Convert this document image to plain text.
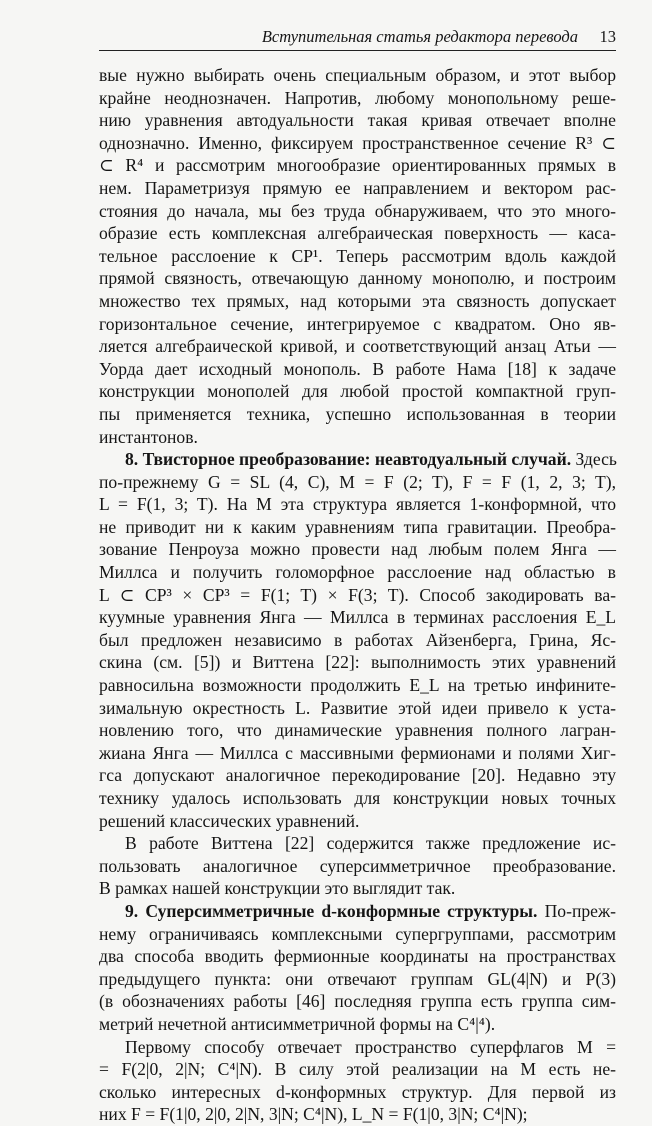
Вступительная статья редактора перевода 13
вые нужно выбирать очень специальным образом, и этот выбор
крайне неоднозначен. Напротив, любому монопольному реше-
нию уравнения автодуальности такая кривая отвечает вполне
однозначно. Именно, фиксируем пространственное сечение R³ ⊂
⊂ R⁴ и рассмотрим многообразие ориентированных прямых в
нем. Параметризуя прямую ее направлением и вектором рас-
стояния до начала, мы без труда обнаруживаем, что это много-
образие есть комплексная алгебраическая поверхность — каса-
тельное расслоение к CP¹. Теперь рассмотрим вдоль каждой
прямой связность, отвечающую данному монополю, и построим
множество тех прямых, над которыми эта связность допускает
горизонтальное сечение, интегрируемое с квадратом. Оно яв-
ляется алгебраической кривой, и соответствующий анзац Атьи —
Уорда дает исходный монополь. В работе Нама [18] к задаче
конструкции монополей для любой простой компактной груп-
пы применяется техника, успешно использованная в теории
инстантонов.
8. Твисторное преобразование: неавтодуальный случай. Здесь
по-прежнему G = SL (4, C), M = F (2; T), F = F (1, 2, 3; T),
L = F(1, 3; T). На M эта структура является 1-конформной, что
не приводит ни к каким уравнениям типа гравитации. Преобра-
зование Пенроуза можно провести над любым полем Янга —
Миллса и получить голоморфное расслоение над областью в
L ⊂ CP³ × CP³ = F(1; T) × F(3; T). Способ закодировать ва-
куумные уравнения Янга — Миллса в терминах расслоения E_L
был предложен независимо в работах Айзенберга, Грина, Яс-
скина (см. [5]) и Виттена [22]: выполнимость этих уравнений
равносильна возможности продолжить E_L на третью инфините-
зимальную окрестность L. Развитие этой идеи привело к уста-
новлению того, что динамические уравнения полного лагран-
жиана Янга — Миллса с массивными фермионами и полями Хиг-
гса допускают аналогичное перекодирование [20]. Недавно эту
технику удалось использовать для конструкции новых точных
решений классических уравнений.
В работе Виттена [22] содержится также предложение ис-
пользовать аналогичное суперсимметричное преобразование.
В рамках нашей конструкции это выглядит так.
9. Суперсимметричные d-конформные структуры. По-преж-
нему ограничиваясь комплексными супергруппами, рассмотрим
два способа вводить фермионные координаты на пространствах
предыдущего пункта: они отвечают группам GL(4|N) и P(3)
(в обозначениях работы [46] последняя группа есть группа сим-
метрий нечетной антисимметричной формы на C⁴|⁴).
Первому способу отвечает пространство суперфлагов M =
= F(2|0, 2|N; C⁴|N). В силу этой реализации на M есть не-
сколько интересных d-конформных структур. Для первой из
них F = F(1|0, 2|0, 2|N, 3|N; C⁴|N), L_N = F(1|0, 3|N; C⁴|N);
